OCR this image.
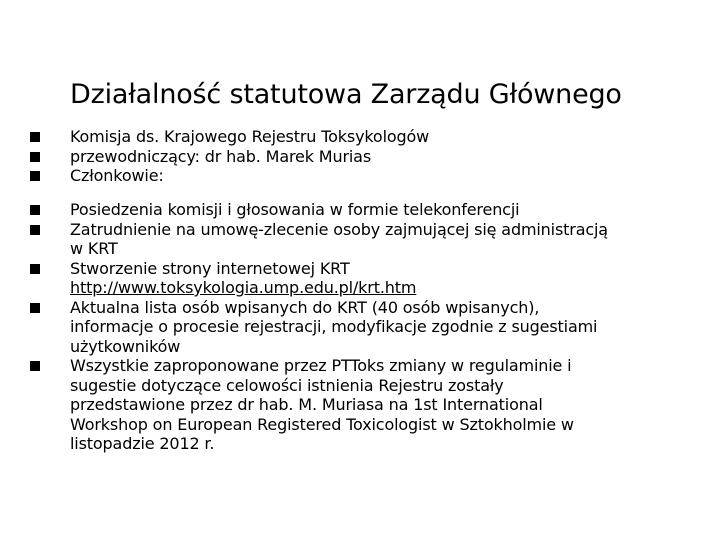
Działalność statutowa Zarządu Głównego
Komisja ds. Krajowego Rejestru Toksykologów
przewodniczący: dr hab. Marek Murias
Członkowie:
Posiedzenia komisji i głosowania w formie telekonferencji
Zatrudnienie na umowę-zlecenie osoby zajmującej się administracją
w KRT
Stworzenie strony internetowej KRT
http://www.toksykologia.ump.edu.pl/krt.htm
Aktualna lista osób wpisanych do KRT (40 osób wpisanych),
informacje o procesie rejestracji, modyfikacje zgodnie z sugestiami
użytkowników
Wszystkie zaproponowane przez PTToks zmiany w regulaminie i
sugestie dotyczące celowości istnienia Rejestru zostały
przedstawione przez dr hab. M. Muriasa na 1st International
Workshop on European Registered Toxicologist w Sztokholmie w
listopadzie 2012 r.
